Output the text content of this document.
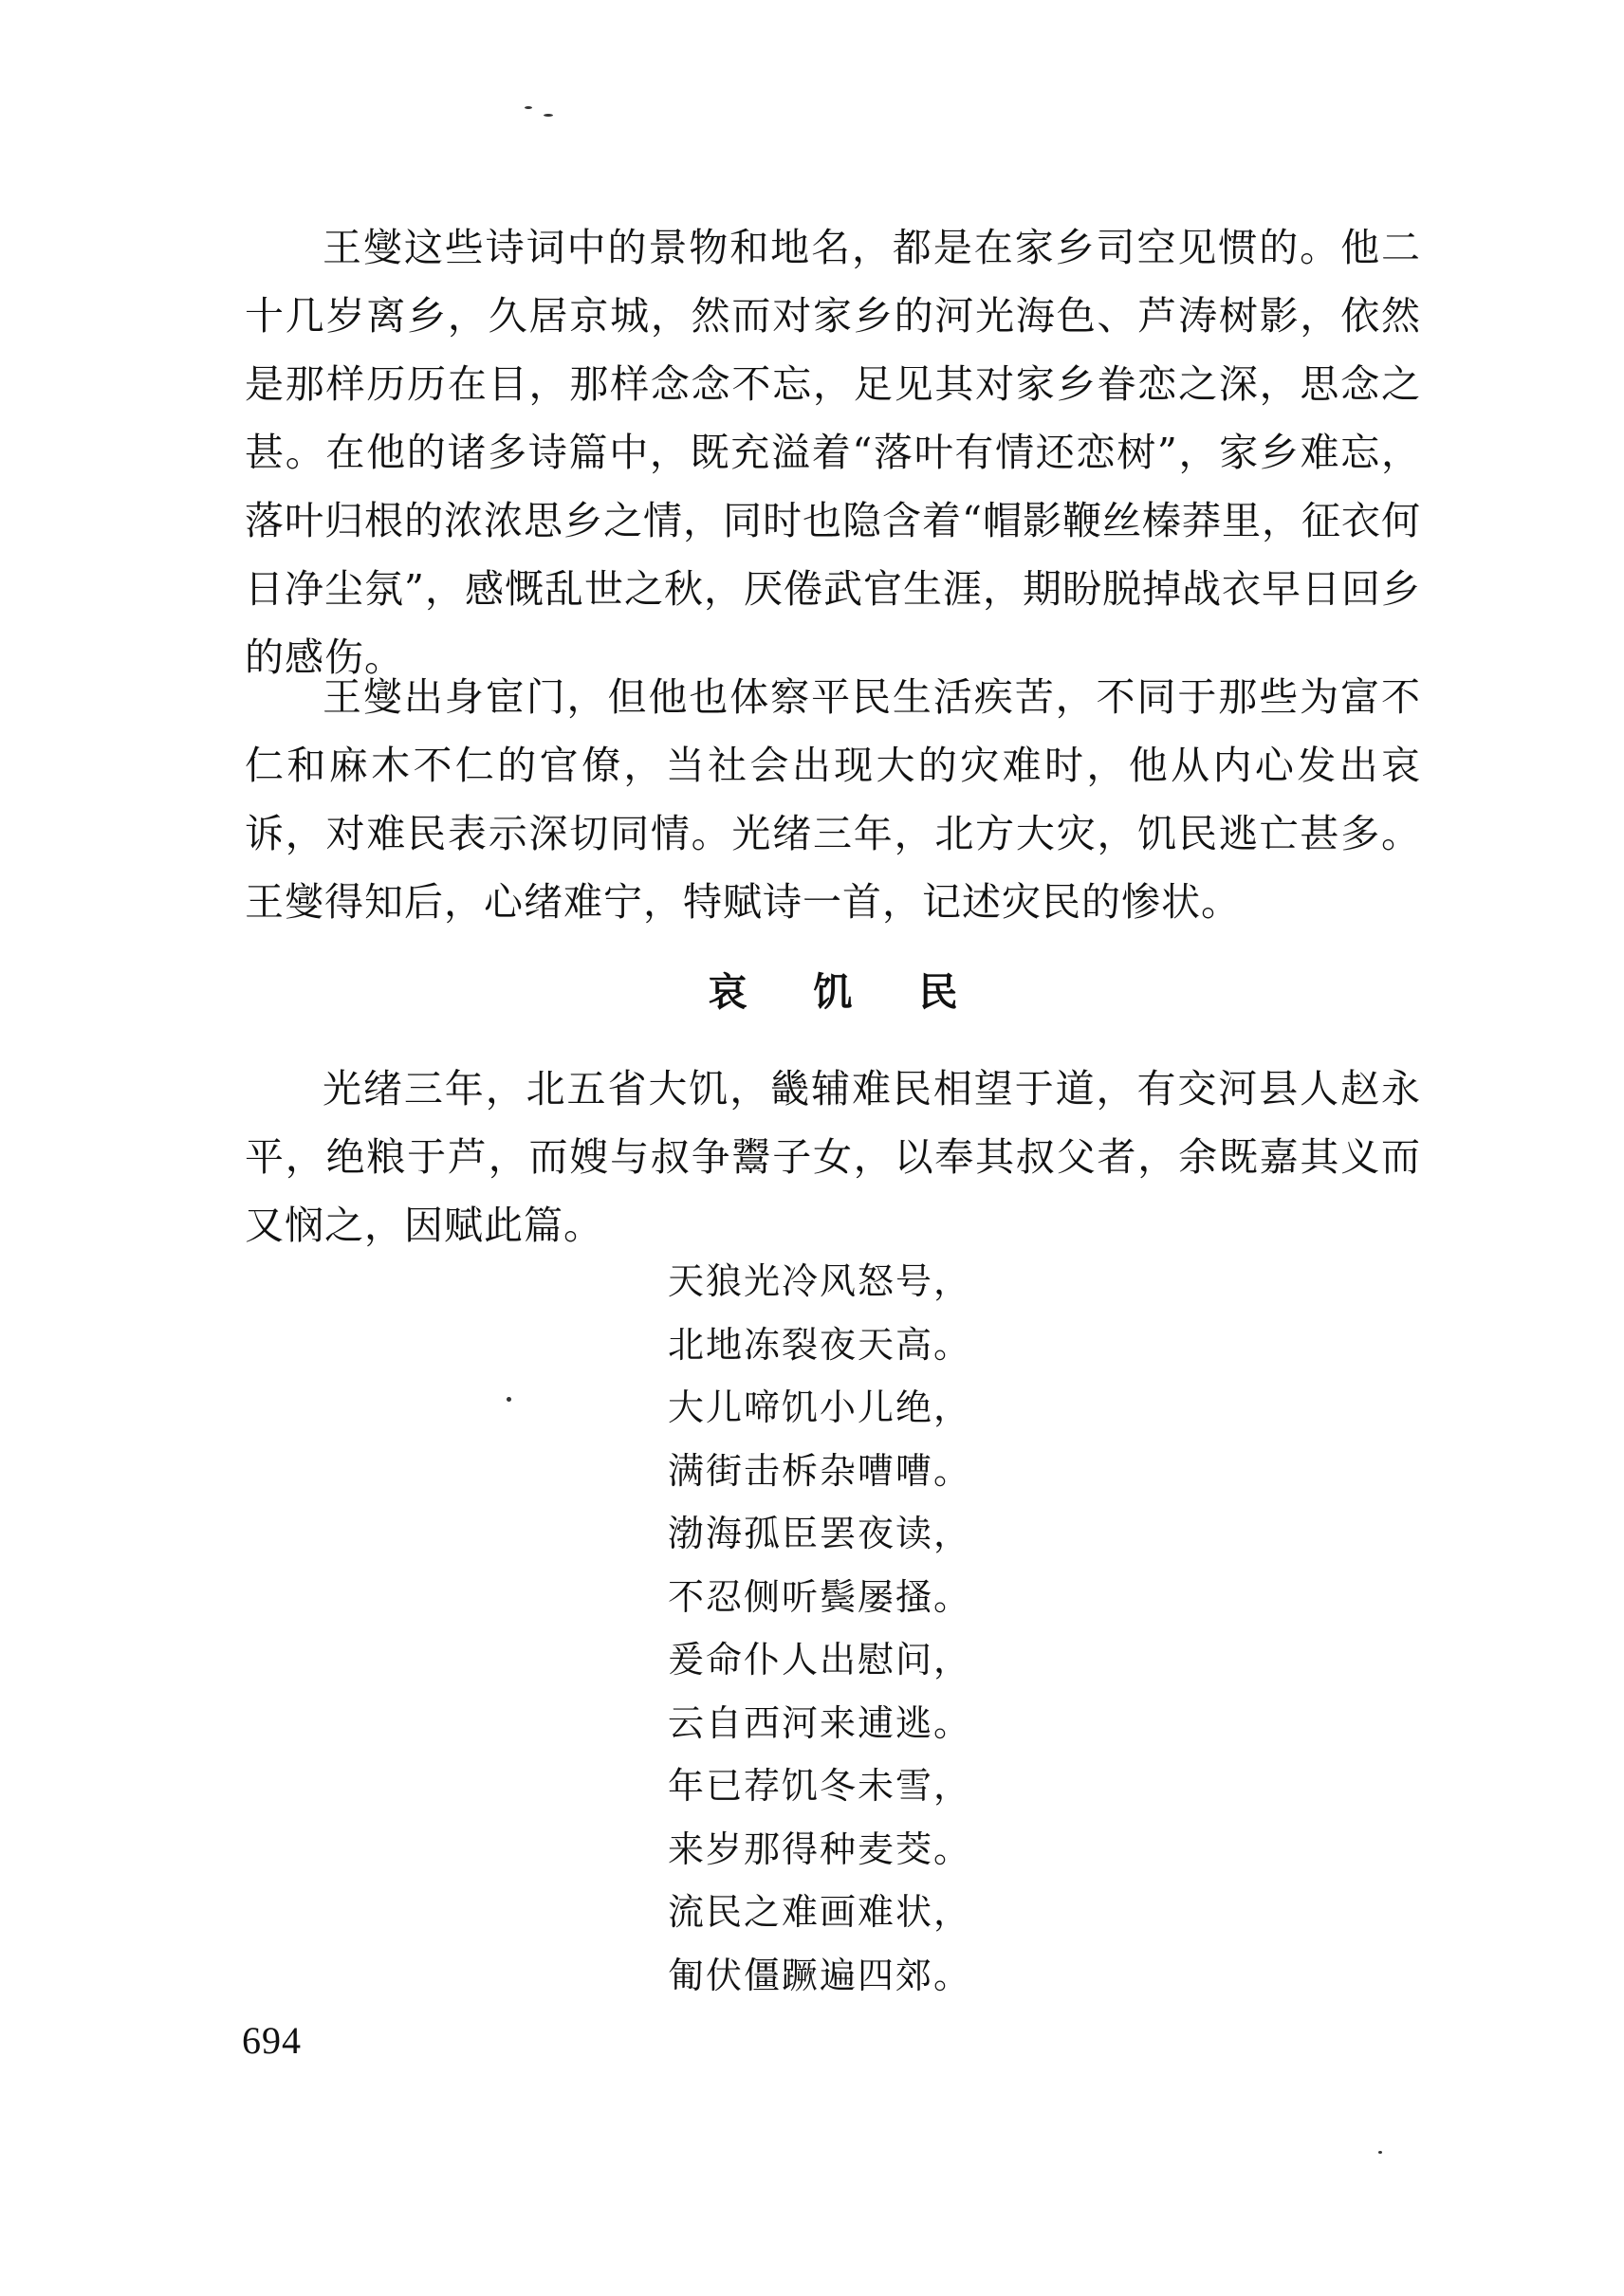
王燮这些诗词中的景物和地名，都是在家乡司空见惯的。他二十几岁离乡，久居京城，然而对家乡的河光海色、芦涛树影，依然是那样历历在目，那样念念不忘，足见其对家乡眷恋之深，思念之甚。在他的诸多诗篇中，既充溢着“落叶有情还恋树”，家乡难忘，落叶归根的浓浓思乡之情，同时也隐含着“帽影鞭丝榛莽里，征衣何日净尘氛”，感慨乱世之秋，厌倦武官生涯，期盼脱掉战衣早日回乡的感伤。

王燮出身宦门，但他也体察平民生活疾苦，不同于那些为富不仁和麻木不仁的官僚，当社会出现大的灾难时，他从内心发出哀诉，对难民表示深切同情。光绪三年，北方大灾，饥民逃亡甚多。王燮得知后，心绪难宁，特赋诗一首，记述灾民的惨状。

哀饥民

光绪三年，北五省大饥，畿辅难民相望于道，有交河县人赵永平，绝粮于芦，而嫂与叔争鬻子女，以奉其叔父者，余既嘉其义而又悯之，因赋此篇。

天狼光冷风怒号，
北地冻裂夜天高。
大儿啼饥小儿绝，
满街击柝杂嘈嘈。
渤海孤臣罢夜读，
不忍侧听鬓屡搔。
爰命仆人出慰问，
云自西河来逋逃。
年已荐饥冬未雪，
来岁那得种麦茭。
流民之难画难状，
匍伏僵蹶遍四郊。
694
